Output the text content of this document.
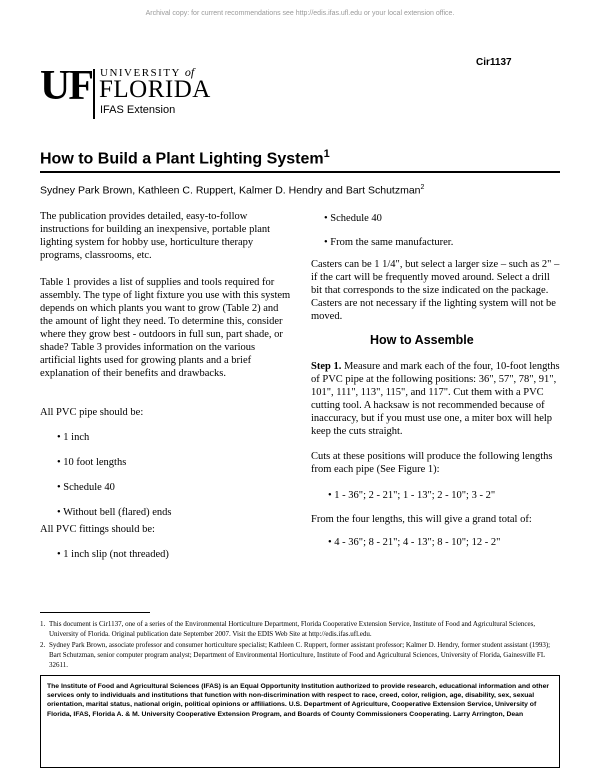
Archival copy: for current recommendations see http://edis.ifas.ufl.edu or your local extension office.
Cir1137
UF UNIVERSITY of
FLORIDA
IFAS Extension
How to Build a Plant Lighting System$^1$
Sydney Park Brown, Kathleen C. Ruppert, Kalmer D. Hendry and Bart Schutzman$^2$

The publication provides detailed, easy-to-follow instructions for building an inexpensive, portable plant lighting system for hobby use, horticulture therapy programs, classrooms, etc.

Table 1 provides a list of supplies and tools required for assembly. The type of light fixture you use with this system depends on which plants you want to grow (Table 2) and the amount of light they need. To determine this, consider where they grow best - outdoors in full sun, part shade, or shade? Table 3 provides information on the various artificial lights used for growing plants and a brief explanation of their benefits and drawbacks.

All PVC pipe should be:

• 1 inch
• 10 foot lengths
• Schedule 40
• Without bell (flared) ends

All PVC fittings should be:

• 1 inch slip (not threaded)
• Schedule 40
• From the same manufacturer.

Casters can be 1 1/4", but select a larger size – such as 2" – if the cart will be frequently moved around. Select a drill bit that corresponds to the size indicated on the package. Casters are not necessary if the lighting system will not be moved.

How to Assemble

Step 1. Measure and mark each of the four, 10-foot lengths of PVC pipe at the following positions: 36", 57", 78", 91", 101", 111", 113", 115", and 117". Cut them with a PVC cutting tool. A hacksaw is not recommended because of inaccuracy, but if you must use one, a miter box will help keep the cuts straight.

Cuts at these positions will produce the following lengths from each pipe (See Figure 1):

• 1 - 36"; 2 - 21"; 1 - 13"; 2 - 10"; 3 - 2"

From the four lengths, this will give a grand total of:

• 4 - 36"; 8 - 21"; 4 - 13"; 8 - 10"; 12 - 2"
1. This document is Cir1137, one of a series of the Environmental Horticulture Department, Florida Cooperative Extension Service, Institute of Food and Agricultural Sciences, University of Florida. Original publication date September 2007. Visit the EDIS Web Site at http://edis.ifas.ufl.edu.
2. Sydney Park Brown, associate professor and consumer horticulture specialist; Kathleen C. Ruppert, former assistant professor; Kalmer D. Hendry, former student assistant (1993); Bart Schutzman, senior computer program analyst; Department of Environmental Horticulture, Institute of Food and Agricultural Sciences, University of Florida, Gainesville FL 32611.
The Institute of Food and Agricultural Sciences (IFAS) is an Equal Opportunity Institution authorized to provide research, educational information and other services only to individuals and institutions that function with non-discrimination with respect to race, creed, color, religion, age, disability, sex, sexual orientation, marital status, national origin, political opinions or affiliations. U.S. Department of Agriculture, Cooperative Extension Service, University of Florida, IFAS, Florida A. & M. University Cooperative Extension Program, and Boards of County Commissioners Cooperating. Larry Arrington, Dean
